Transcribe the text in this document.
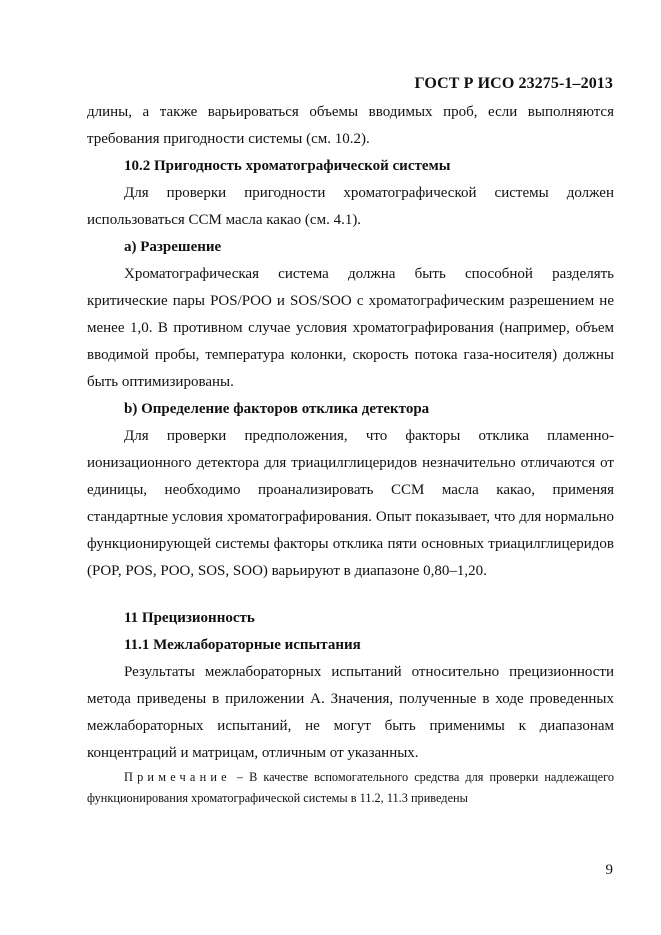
ГОСТ Р ИСО 23275-1–2013

длины, а также варьироваться объемы вводимых проб, если выполняются требования пригодности системы (см. 10.2).

10.2 Пригодность хроматографической системы

Для проверки пригодности хроматографической системы должен использоваться ССМ масла какао (см. 4.1).

а) Разрешение

Хроматографическая система должна быть способной разделять критические пары POS/POO и SOS/SOO с хроматографическим разрешением не менее 1,0. В противном случае условия хроматографирования (например, объем вводимой пробы, температура колонки, скорость потока газа-носителя) должны быть оптимизированы.

b) Определение факторов отклика детектора

Для проверки предположения, что факторы отклика пламенно-ионизационного детектора для триацилглицеридов незначительно отличаются от единицы, необходимо проанализировать ССМ масла какао, применяя стандартные условия хроматографирования. Опыт показывает, что для нормально функционирующей системы факторы отклика пяти основных триацилглицеридов (POP, POS, POO, SOS, SOO) варьируют в диапазоне 0,80–1,20.

11 Прецизионность

11.1 Межлабораторные испытания

Результаты межлабораторных испытаний относительно прецизионности метода приведены в приложении А. Значения, полученные в ходе проведенных межлабораторных испытаний, не могут быть применимы к диапазонам концентраций и матрицам, отличным от указанных.

Примечание – В качестве вспомогательного средства для проверки надлежащего функционирования хроматографической системы в 11.2, 11.3 приведены

9
